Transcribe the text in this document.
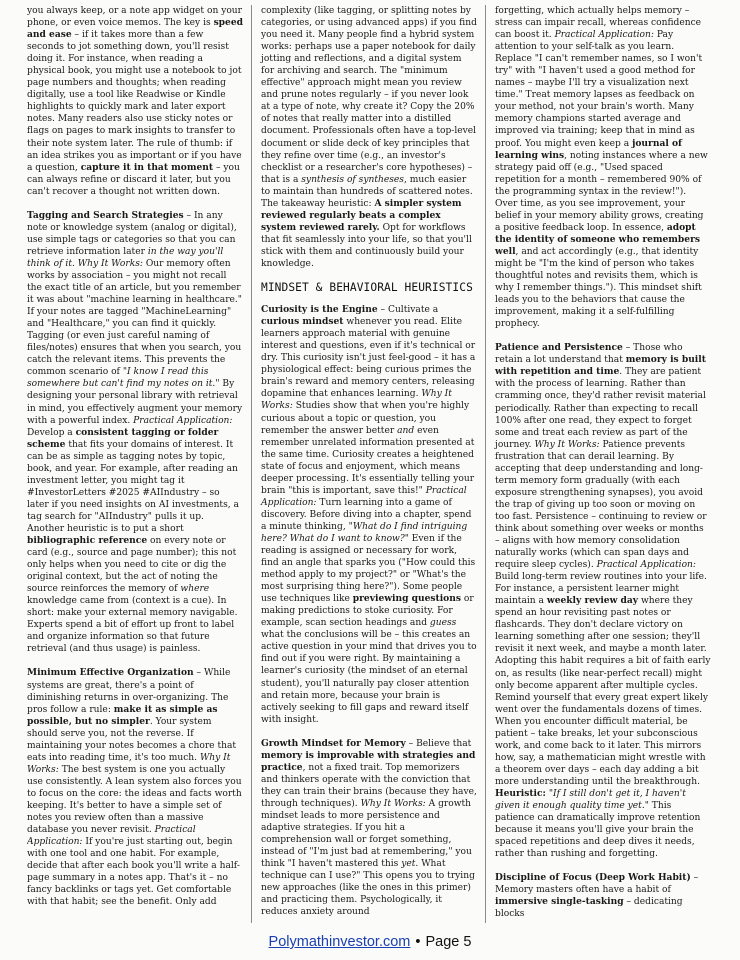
you always keep, or a note app widget on your phone, or even voice memos. The key is speed and ease – if it takes more than a few seconds to jot something down, you'll resist doing it. For instance, when reading a physical book, you might use a notebook to jot page numbers and thoughts; when reading digitally, use a tool like Readwise or Kindle highlights to quickly mark and later export notes. Many readers also use sticky notes or flags on pages to mark insights to transfer to their note system later. The rule of thumb: if an idea strikes you as important or if you have a question, capture it in that moment – you can always refine or discard it later, but you can't recover a thought not written down.

Tagging and Search Strategies – In any note or knowledge system (analog or digital), use simple tags or categories so that you can retrieve information later in the way you'll think of it. Why It Works: Our memory often works by association – you might not recall the exact title of an article, but you remember it was about "machine learning in healthcare." If your notes are tagged "MachineLearning" and "Healthcare," you can find it quickly. Tagging (or even just careful naming of files/notes) ensures that when you search, you catch the relevant items. This prevents the common scenario of "I know I read this somewhere but can't find my notes on it." By designing your personal library with retrieval in mind, you effectively augment your memory with a powerful index. Practical Application: Develop a consistent tagging or folder scheme that fits your domains of interest. It can be as simple as tagging notes by topic, book, and year. For example, after reading an investment letter, you might tag it #InvestorLetters #2025 #AIIndustry – so later if you need insights on AI investments, a tag search for "AIIndustry" pulls it up. Another heuristic is to put a short bibliographic reference on every note or card (e.g., source and page number); this not only helps when you need to cite or dig the original context, but the act of noting the source reinforces the memory of where knowledge came from (context is a cue). In short: make your external memory navigable. Experts spend a bit of effort up front to label and organize information so that future retrieval (and thus usage) is painless.

Minimum Effective Organization – While systems are great, there's a point of diminishing returns in over-organizing. The pros follow a rule: make it as simple as possible, but no simpler. Your system should serve you, not the reverse. If maintaining your notes becomes a chore that eats into reading time, it's too much. Why It Works: The best system is one you actually use consistently. A lean system also forces you to focus on the core: the ideas and facts worth keeping. It's better to have a simple set of notes you review often than a massive database you never revisit. Practical Application: If you're just starting out, begin with one tool and one habit. For example, decide that after each book you'll write a half-page summary in a notes app. That's it – no fancy backlinks or tags yet. Get comfortable with that habit; see the benefit. Only add

complexity (like tagging, or splitting notes by categories, or using advanced apps) if you find you need it. Many people find a hybrid system works: perhaps use a paper notebook for daily jotting and reflections, and a digital system for archiving and search. The "minimum effective" approach might mean you review and prune notes regularly – if you never look at a type of note, why create it? Copy the 20% of notes that really matter into a distilled document. Professionals often have a top-level document or slide deck of key principles that they refine over time (e.g., an investor's checklist or a researcher's core hypotheses) – that is a synthesis of syntheses, much easier to maintain than hundreds of scattered notes. The takeaway heuristic: A simpler system reviewed regularly beats a complex system reviewed rarely. Opt for workflows that fit seamlessly into your life, so that you'll stick with them and continuously build your knowledge.

MINDSET & BEHAVIORAL HEURISTICS

Curiosity is the Engine – Cultivate a curious mindset whenever you read. Elite learners approach material with genuine interest and questions, even if it's technical or dry. This curiosity isn't just feel-good – it has a physiological effect: being curious primes the brain's reward and memory centers, releasing dopamine that enhances learning. Why It Works: Studies show that when you're highly curious about a topic or question, you remember the answer better and even remember unrelated information presented at the same time. Curiosity creates a heightened state of focus and enjoyment, which means deeper processing. It's essentially telling your brain "this is important, save this!" Practical Application: Turn learning into a game of discovery. Before diving into a chapter, spend a minute thinking, "What do I find intriguing here? What do I want to know?" Even if the reading is assigned or necessary for work, find an angle that sparks you ("How could this method apply to my project?" or "What's the most surprising thing here?"). Some people use techniques like previewing questions or making predictions to stoke curiosity. For example, scan section headings and guess what the conclusions will be – this creates an active question in your mind that drives you to find out if you were right. By maintaining a learner's curiosity (the mindset of an eternal student), you'll naturally pay closer attention and retain more, because your brain is actively seeking to fill gaps and reward itself with insight.

Growth Mindset for Memory – Believe that memory is improvable with strategies and practice, not a fixed trait. Top memorizers and thinkers operate with the conviction that they can train their brains (because they have, through techniques). Why It Works: A growth mindset leads to more persistence and adaptive strategies. If you hit a comprehension wall or forget something, instead of "I'm just bad at remembering," you think "I haven't mastered this yet. What technique can I use?" This opens you to trying new approaches (like the ones in this primer) and practicing them. Psychologically, it reduces anxiety around

forgetting, which actually helps memory – stress can impair recall, whereas confidence can boost it. Practical Application: Pay attention to your self-talk as you learn. Replace "I can't remember names, so I won't try" with "I haven't used a good method for names – maybe I'll try a visualization next time." Treat memory lapses as feedback on your method, not your brain's worth. Many memory champions started average and improved via training; keep that in mind as proof. You might even keep a journal of learning wins, noting instances where a new strategy paid off (e.g., "Used spaced repetition for a month – remembered 90% of the programming syntax in the review!"). Over time, as you see improvement, your belief in your memory ability grows, creating a positive feedback loop. In essence, adopt the identity of someone who remembers well, and act accordingly (e.g., that identity might be "I'm the kind of person who takes thoughtful notes and revisits them, which is why I remember things."). This mindset shift leads you to the behaviors that cause the improvement, making it a self-fulfilling prophecy.

Patience and Persistence – Those who retain a lot understand that memory is built with repetition and time. They are patient with the process of learning. Rather than cramming once, they'd rather revisit material periodically. Rather than expecting to recall 100% after one read, they expect to forget some and treat each review as part of the journey. Why It Works: Patience prevents frustration that can derail learning. By accepting that deep understanding and long-term memory form gradually (with each exposure strengthening synapses), you avoid the trap of giving up too soon or moving on too fast. Persistence – continuing to review or think about something over weeks or months – aligns with how memory consolidation naturally works (which can span days and require sleep cycles). Practical Application: Build long-term review routines into your life. For instance, a persistent learner might maintain a weekly review day where they spend an hour revisiting past notes or flashcards. They don't declare victory on learning something after one session; they'll revisit it next week, and maybe a month later. Adopting this habit requires a bit of faith early on, as results (like near-perfect recall) might only become apparent after multiple cycles. Remind yourself that every great expert likely went over the fundamentals dozens of times. When you encounter difficult material, be patient – take breaks, let your subconscious work, and come back to it later. This mirrors how, say, a mathematician might wrestle with a theorem over days – each day adding a bit more understanding until the breakthrough. Heuristic: "If I still don't get it, I haven't given it enough quality time yet." This patience can dramatically improve retention because it means you'll give your brain the spaced repetitions and deep dives it needs, rather than rushing and forgetting.

Discipline of Focus (Deep Work Habit) – Memory masters often have a habit of immersive single-tasking – dedicating blocks

Polymathinvestor.com • Page 5
